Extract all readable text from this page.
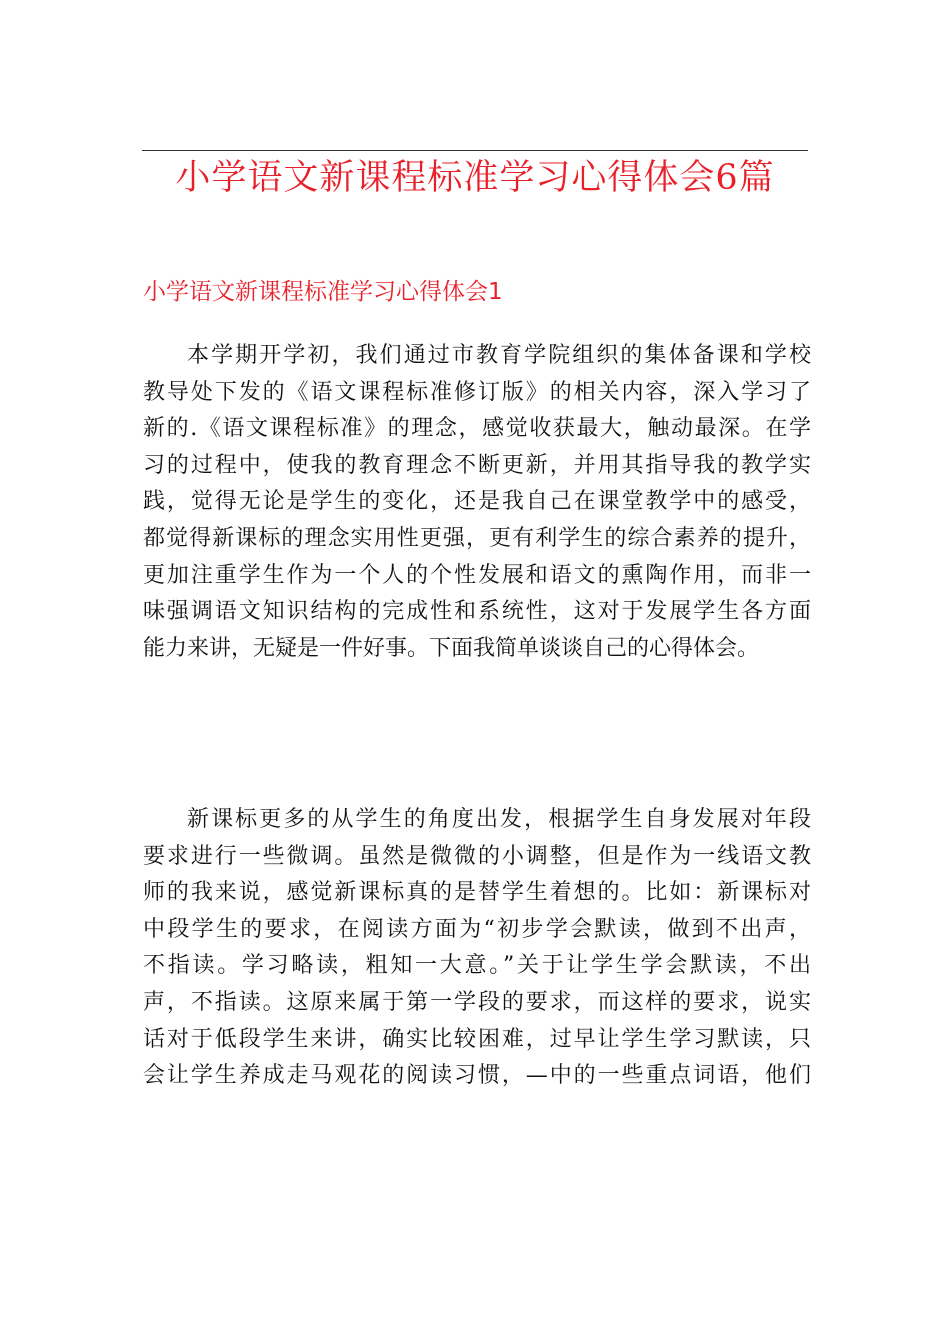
小学语文新课程标准学习心得体会6篇
小学语文新课程标准学习心得体会1

本学期开学初，我们通过市教育学院组织的集体备课和学校
教导处下发的《语文课程标准修订版》的相关内容，深入学习了
新的.《语文课程标准》的理念，感觉收获最大，触动最深。在学
习的过程中，使我的教育理念不断更新，并用其指导我的教学实
践，觉得无论是学生的变化，还是我自己在课堂教学中的感受，
都觉得新课标的理念实用性更强，更有利学生的综合素养的提升，
更加注重学生作为一个人的个性发展和语文的熏陶作用，而非一
味强调语文知识结构的完成性和系统性，这对于发展学生各方面
能力来讲，无疑是一件好事。下面我简单谈谈自己的心得体会。

新课标更多的从学生的角度出发，根据学生自身发展对年段
要求进行一些微调。虽然是微微的小调整，但是作为一线语文教
师的我来说，感觉新课标真的是替学生着想的。比如：新课标对
中段学生的要求，在阅读方面为“初步学会默读，做到不出声，
不指读。学习略读，粗知一大意。”关于让学生学会默读，不出
声，不指读。这原来属于第一学段的要求，而这样的要求，说实
话对于低段学生来讲，确实比较困难，过早让学生学习默读，只
会让学生养成走马观花的阅读习惯，—中的一些重点词语，他们
